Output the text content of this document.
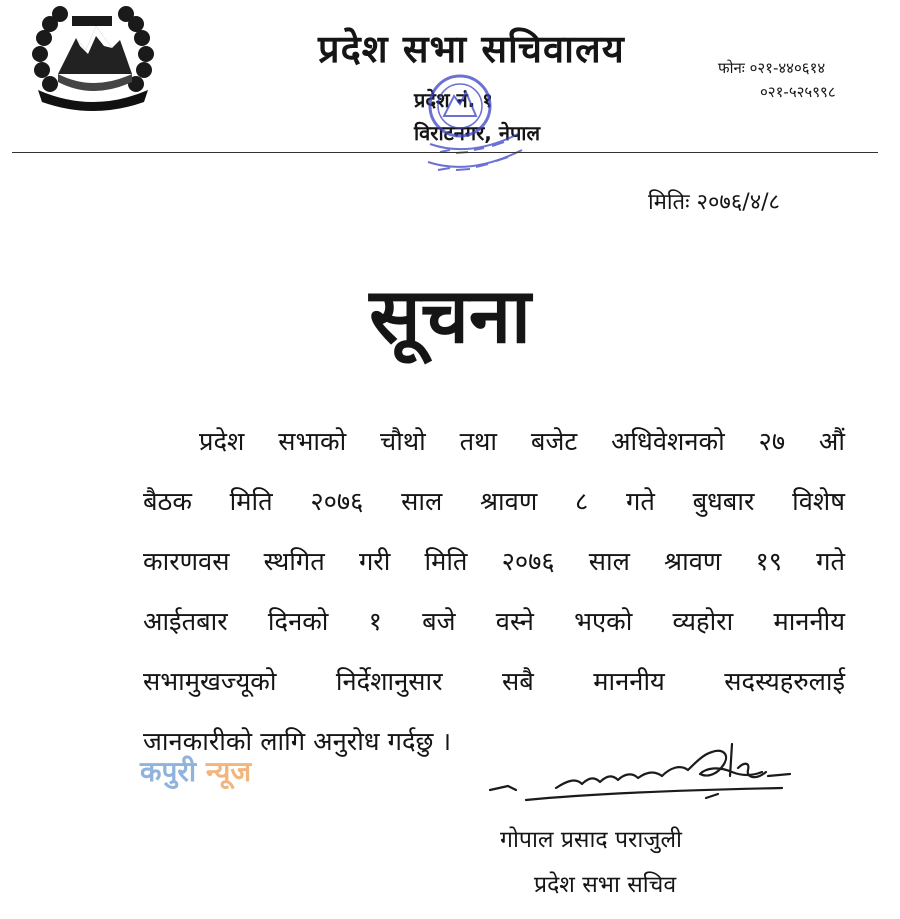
प्रदेश सभा सचिवालय
प्रदेश नं. १
विराटनगर, नेपाल
फोनः ०२१-४४०६१४
०२१-५२५९९८
मितिः २०७६/४/८
सूचना
प्रदेश सभाको चौथो तथा बजेट अधिवेशनको २७ औं
बैठक मिति २०७६ साल श्रावण ८ गते बुधबार विशेष
कारणवस स्थगित गरी मिति २०७६ साल श्रावण १९ गते
आईतबार दिनको १ बजे वस्ने भएको व्यहोरा माननीय
सभामुखज्यूको निर्देशानुसार सबै माननीय सदस्यहरुलाई
जानकारीको लागि अनुरोध गर्दछु ।
कपुरी न्यूज
गोपाल प्रसाद पराजुली
प्रदेश सभा सचिव
